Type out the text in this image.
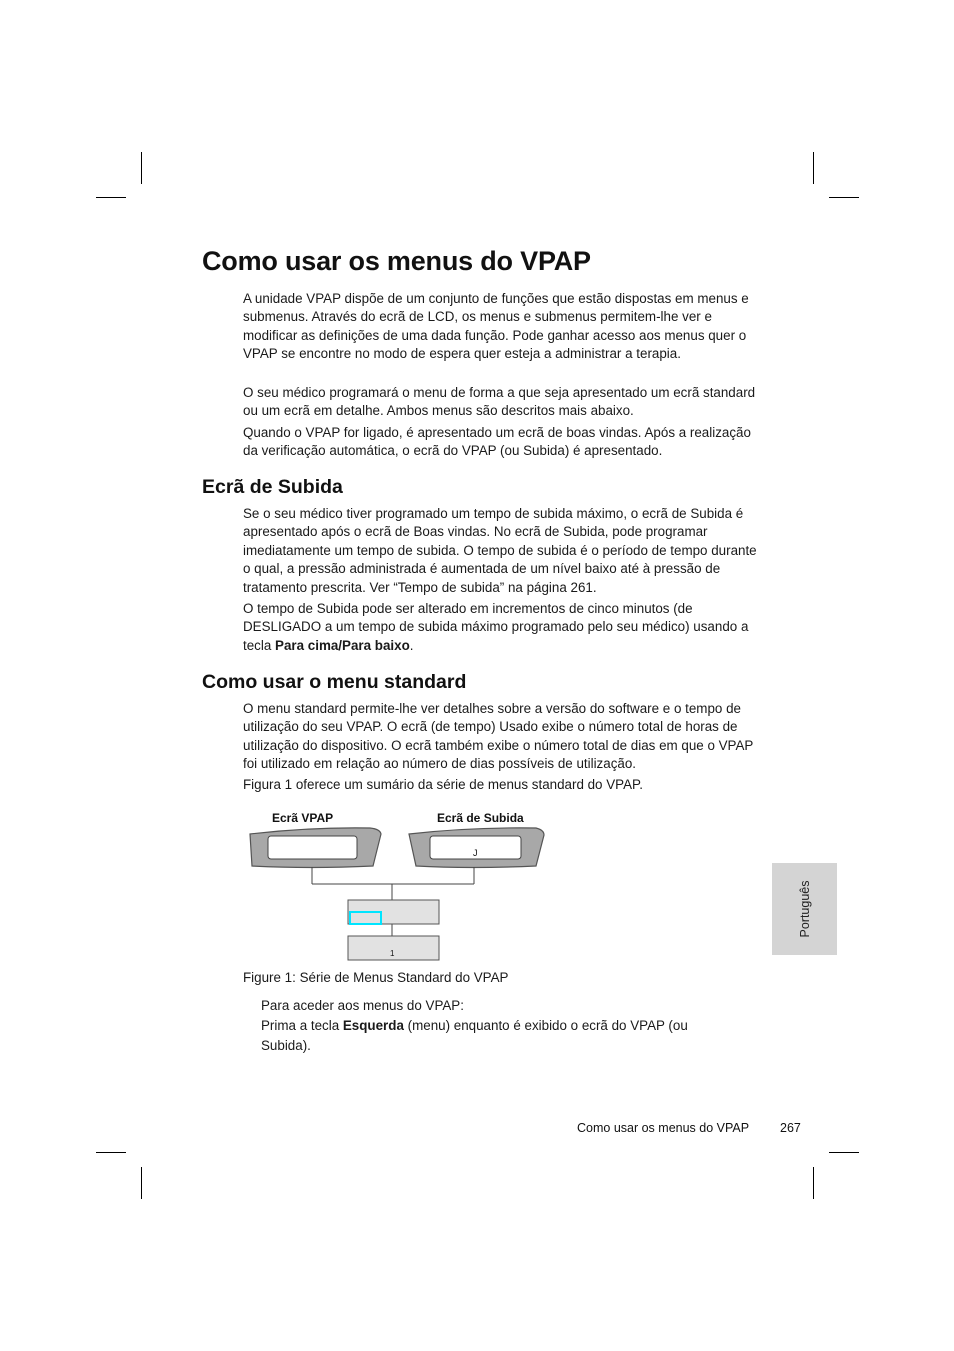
Como usar os menus do VPAP

A unidade VPAP dispõe de um conjunto de funções que estão dispostas em menus e submenus. Através do ecrã de LCD, os menus e submenus permitem-lhe ver e modificar as definições de uma dada função. Pode ganhar acesso aos menus quer o VPAP se encontre no modo de espera quer esteja a administrar a terapia.

O seu médico programará o menu de forma a que seja apresentado um ecrã standard ou um ecrã em detalhe. Ambos menus são descritos mais abaixo.

Quando o VPAP for ligado, é apresentado um ecrã de boas vindas. Após a realização da verificação automática, o ecrã do VPAP (ou Subida) é apresentado.

Ecrã de Subida

Se o seu médico tiver programado um tempo de subida máximo, o ecrã de Subida é apresentado após o ecrã de Boas vindas. No ecrã de Subida, pode programar imediatamente um tempo de subida. O tempo de subida é o período de tempo durante o qual, a pressão administrada é aumentada de um nível baixo até à pressão de tratamento prescrita. Ver “Tempo de subida” na página 261.

O tempo de Subida pode ser alterado em incrementos de cinco minutos (de DESLIGADO a um tempo de subida máximo programado pelo seu médico) usando a tecla Para cima/Para baixo.

Como usar o menu standard

O menu standard permite-lhe ver detalhes sobre a versão do software e o tempo de utilização do seu VPAP. O ecrã (de tempo) Usado exibe o número total de horas de utilização do dispositivo. O ecrã também exibe o número total de dias em que o VPAP foi utilizado em relação ao número de dias possíveis de utilização.

Figura 1 oferece um sumário da série de menus standard do VPAP.

Ecrã VPAP	Ecrã de Subida
J
1
Figure 1: Série de Menus Standard do VPAP

Para aceder aos menus do VPAP:

Prima a tecla Esquerda (menu) enquanto é exibido o ecrã do VPAP (ou Subida).

Português
Como usar os menus do VPAP 267
